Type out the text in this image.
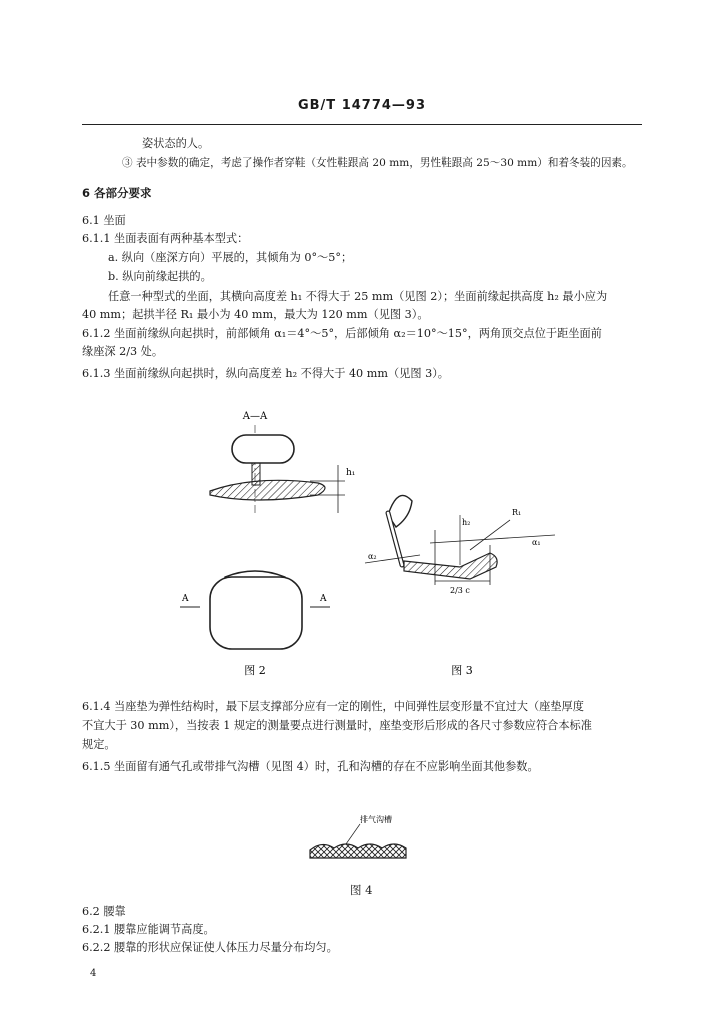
GB/T 14774—93
姿状态的人。
③ 表中参数的确定，考虑了操作者穿鞋（女性鞋跟高 20 mm，男性鞋跟高 25～30 mm）和着冬装的因素。
6 各部分要求
6.1 坐面
6.1.1 坐面表面有两种基本型式：
a. 纵向（座深方向）平展的，其倾角为 0°～5°；
b. 纵向前缘起拱的。
任意一种型式的坐面，其横向高度差 h₁ 不得大于 25 mm（见图 2）；坐面前缘起拱高度 h₂ 最小应为
40 mm；起拱半径 R₁ 最小为 40 mm，最大为 120 mm（见图 3）。
6.1.2 坐面前缘纵向起拱时，前部倾角 α₁＝4°～5°，后部倾角 α₂＝10°～15°，两角顶交点位于距坐面前
缘座深 2/3 处。
6.1.3 坐面前缘纵向起拱时，纵向高度差 h₂ 不得大于 40 mm（见图 3）。
A—A
h₁
A	A
图 2
α₂
α₁
h₂
R₁
2/3 c
图 3
6.1.4 当座垫为弹性结构时，最下层支撑部分应有一定的刚性，中间弹性层变形量不宜过大（座垫厚度
不宜大于 30 mm），当按表 1 规定的测量要点进行测量时，座垫变形后形成的各尺寸参数应符合本标准
规定。
6.1.5 坐面留有通气孔或带排气沟槽（见图 4）时，孔和沟槽的存在不应影响坐面其他参数。
排气沟槽
图 4
6.2 腰靠
6.2.1 腰靠应能调节高度。
6.2.2 腰靠的形状应保证使人体压力尽量分布均匀。
4
